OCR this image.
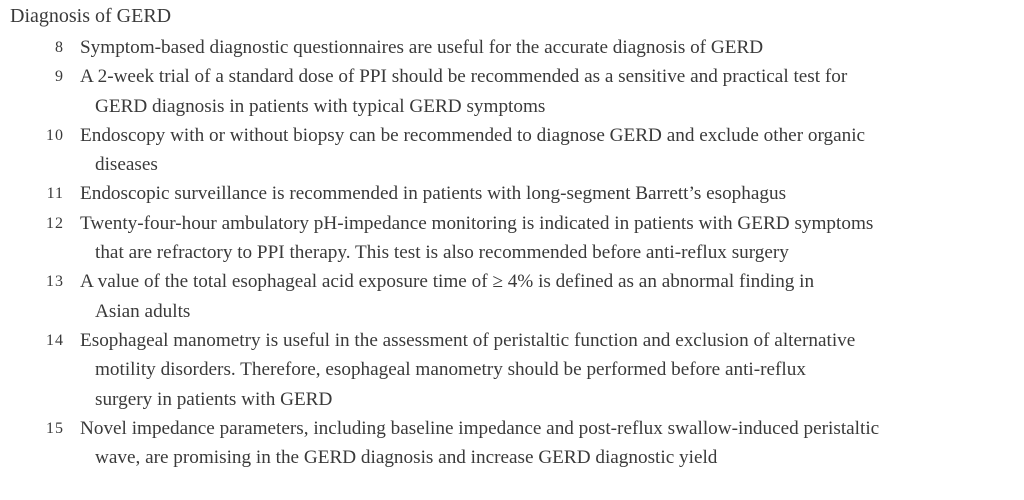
Diagnosis of GERD
8 Symptom-based diagnostic questionnaires are useful for the accurate diagnosis of GERD
9 A 2-week trial of a standard dose of PPI should be recommended as a sensitive and practical test for
GERD diagnosis in patients with typical GERD symptoms
10 Endoscopy with or without biopsy can be recommended to diagnose GERD and exclude other organic
diseases
11 Endoscopic surveillance is recommended in patients with long-segment Barrett’s esophagus
12 Twenty-four-hour ambulatory pH-impedance monitoring is indicated in patients with GERD symptoms
that are refractory to PPI therapy. This test is also recommended before anti-reflux surgery
13 A value of the total esophageal acid exposure time of ≥ 4% is defined as an abnormal finding in
Asian adults
14 Esophageal manometry is useful in the assessment of peristaltic function and exclusion of alternative
motility disorders. Therefore, esophageal manometry should be performed before anti-reflux
surgery in patients with GERD
15 Novel impedance parameters, including baseline impedance and post-reflux swallow-induced peristaltic
wave, are promising in the GERD diagnosis and increase GERD diagnostic yield
